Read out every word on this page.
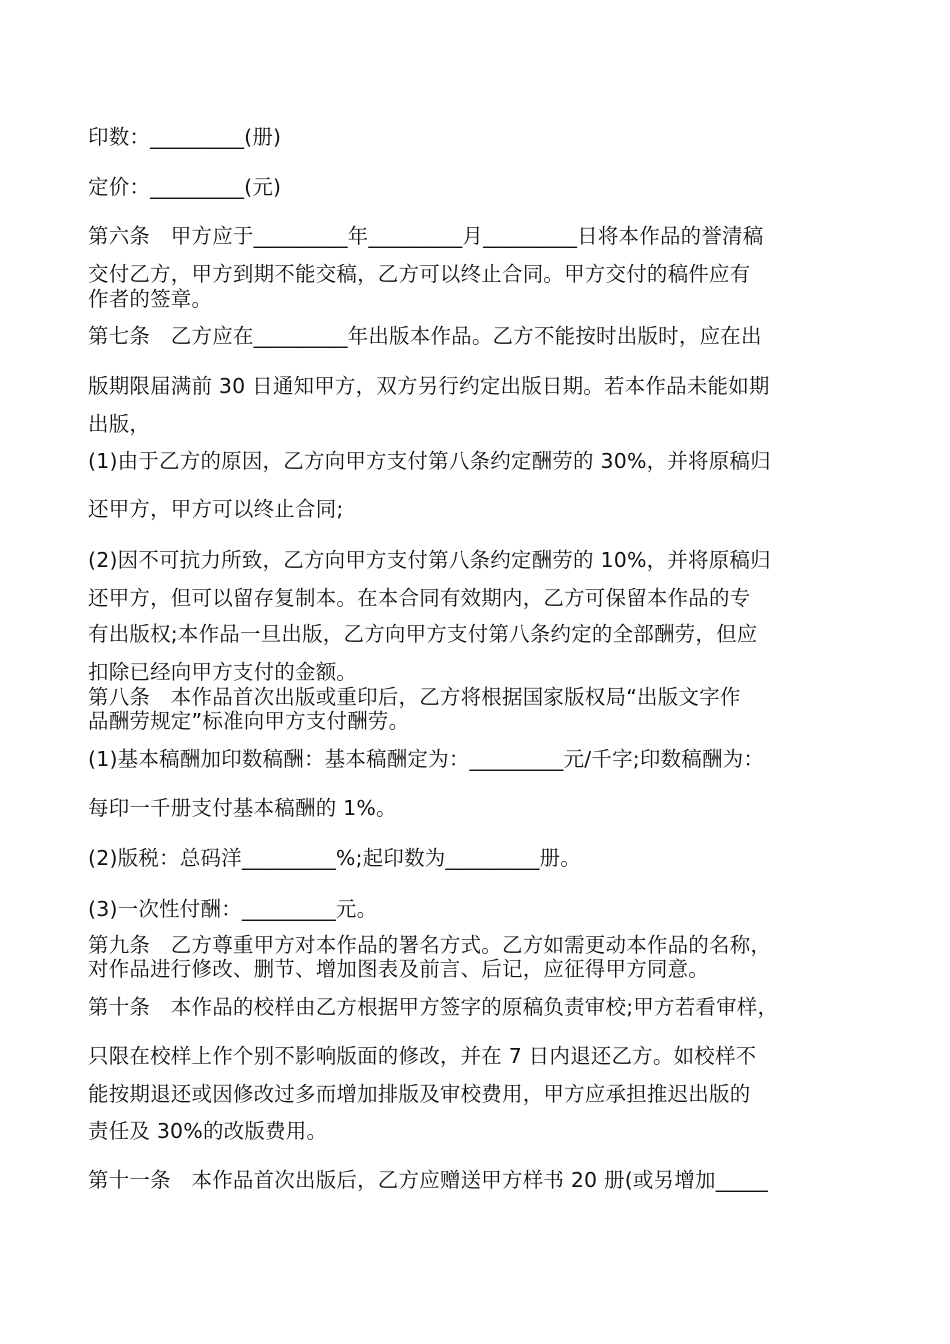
印数：_________(册)
定价：_________(元)
第六条　甲方应于_________年_________月_________日将本作品的誉清稿
交付乙方，甲方到期不能交稿，乙方可以终止合同。甲方交付的稿件应有
作者的签章。
第七条　乙方应在_________年出版本作品。乙方不能按时出版时，应在出
版期限届满前 30 日通知甲方，双方另行约定出版日期。若本作品未能如期
出版，
(1)由于乙方的原因，乙方向甲方支付第八条约定酬劳的 30%，并将原稿归
还甲方，甲方可以终止合同;
(2)因不可抗力所致，乙方向甲方支付第八条约定酬劳的 10%，并将原稿归
还甲方，但可以留存复制本。在本合同有效期内，乙方可保留本作品的专
有出版权;本作品一旦出版，乙方向甲方支付第八条约定的全部酬劳，但应
扣除已经向甲方支付的金额。
第八条　本作品首次出版或重印后，乙方将根据国家版权局“出版文字作
品酬劳规定”标准向甲方支付酬劳。
(1)基本稿酬加印数稿酬：基本稿酬定为：_________元/千字;印数稿酬为：
每印一千册支付基本稿酬的 1%。
(2)版税：总码洋_________%;起印数为_________册。
(3)一次性付酬：_________元。
第九条　乙方尊重甲方对本作品的署名方式。乙方如需更动本作品的名称，
对作品进行修改、删节、增加图表及前言、后记，应征得甲方同意。
第十条　本作品的校样由乙方根据甲方签字的原稿负责审校;甲方若看审样，
只限在校样上作个别不影响版面的修改，并在 7 日内退还乙方。如校样不
能按期退还或因修改过多而增加排版及审校费用，甲方应承担推迟出版的
责任及 30%的改版费用。
第十一条　本作品首次出版后，乙方应赠送甲方样书 20 册(或另增加_____
